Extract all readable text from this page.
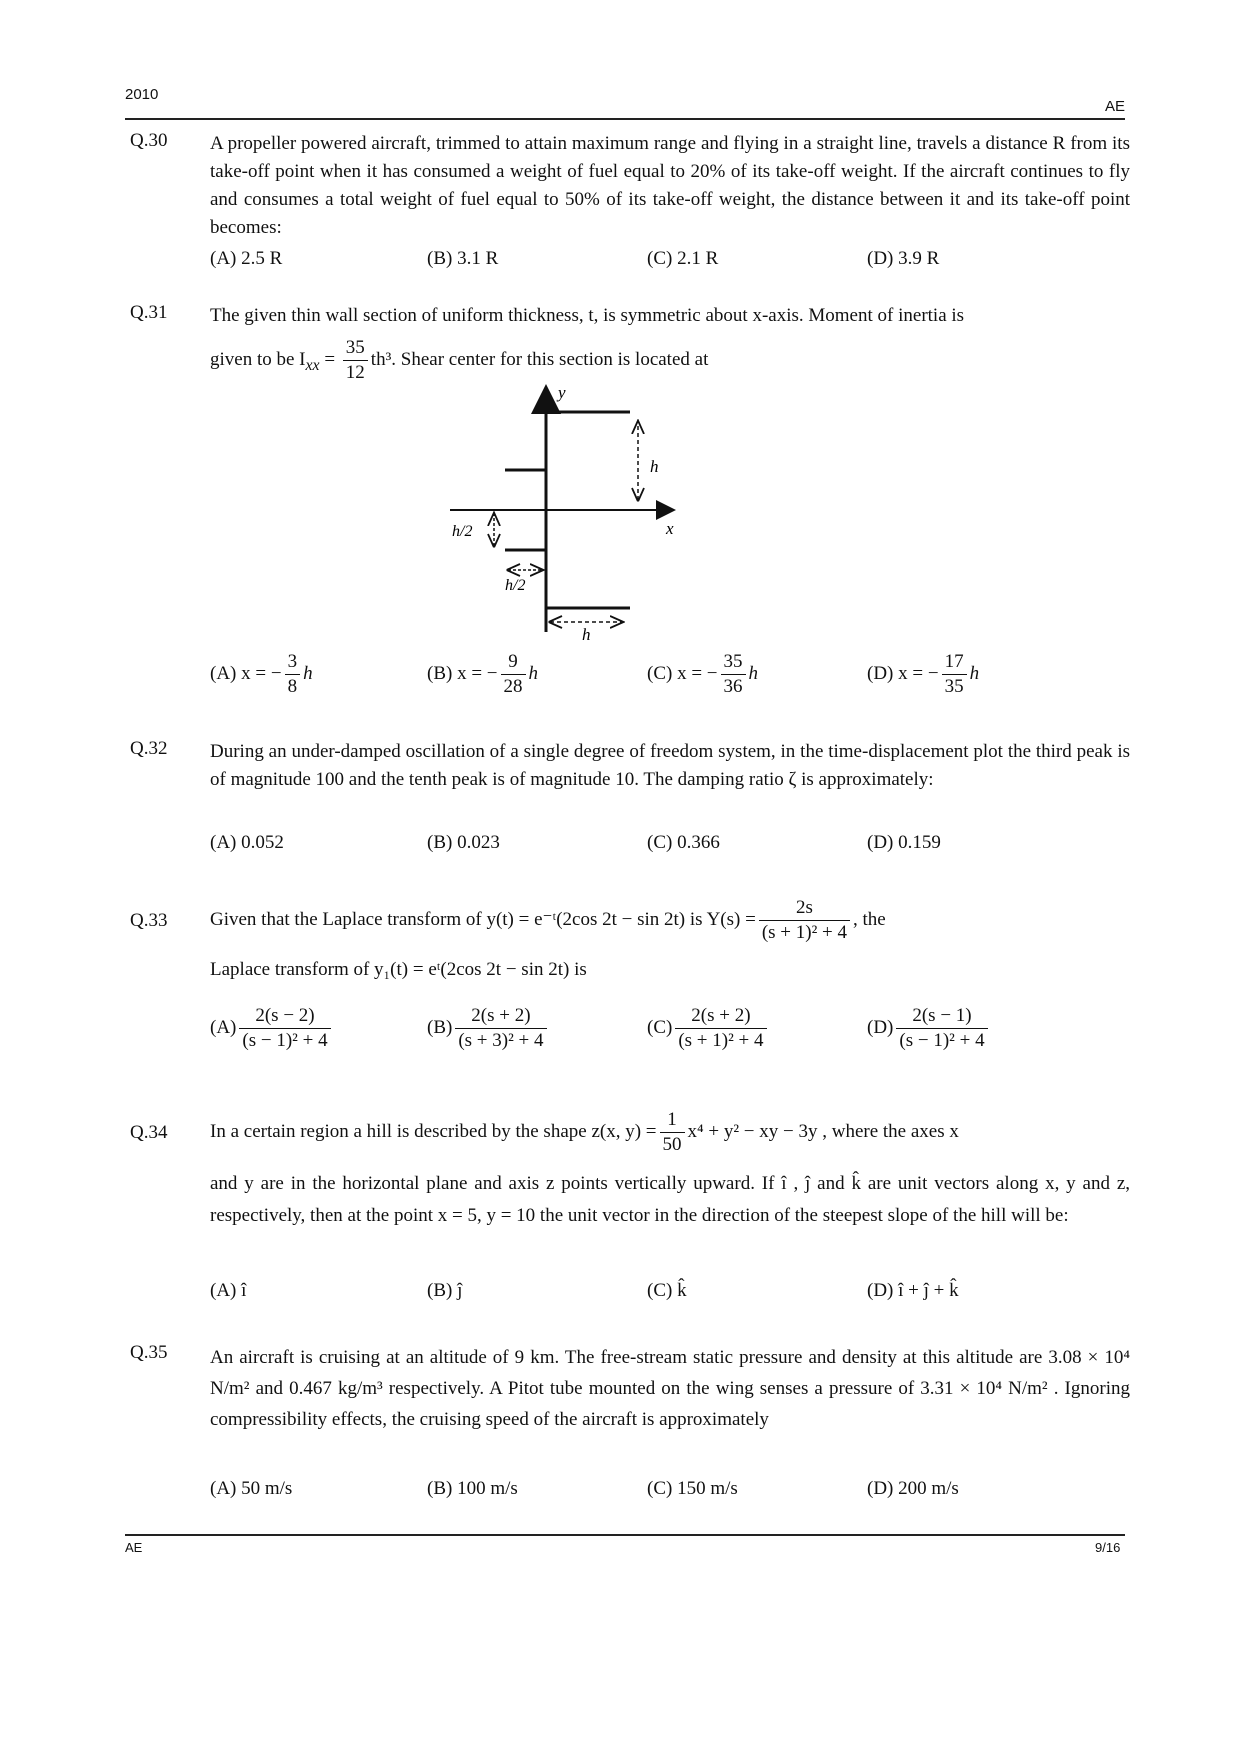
2010
AE
Q.30	A propeller powered aircraft, trimmed to attain maximum range and flying in a straight line, travels a distance R from its take-off point when it has consumed a weight of fuel equal to 20% of its take-off weight. If the aircraft continues to fly and consumes a total weight of fuel equal to 50% of its take-off weight, the distance between it and its take-off point becomes:
(A) 2.5 R	(B) 3.1 R	(C) 2.1 R	(D) 3.9 R
Q.31	The given thin wall section of uniform thickness, t, is symmetric about x-axis. Moment of inertia is
given to be $I_{xx} = \frac{35}{12} th^3$. Shear center for this section is located at
y
x
h
h/2
h/2
h
(A) x = − $\frac{3}{8}$ h	(B) x = − $\frac{9}{28}$ h	(C) x = − $\frac{35}{36}$ h	(D) x = − $\frac{17}{35}$ h
Q.32	During an under-damped oscillation of a single degree of freedom system, in the time-displacement plot the third peak is of magnitude 100 and the tenth peak is of magnitude 10. The damping ratio ζ is approximately:
(A) 0.052	(B) 0.023	(C) 0.366	(D) 0.159
Q.33	Given that the Laplace transform of y(t) = e⁻ᵗ(2cos 2t − sin 2t) is $Y(s) = \frac{2s}{\text{(s + 1)² + 4}}$ , the
Laplace transform of y₁(t) = eᵗ(2cos 2t − sin 2t) is
$(A) \frac{2(s - 2)}{\text{(s − 1)² + 4}}$	$(B) \frac{2(s + 2)}{\text{(s + 3)² + 4}}$	$(C) \frac{2(s + 2)}{\text{(s + 1)² + 4}}$	$(D) \frac{2(s - 1)}{\text{(s − 1)² + 4}}$
Q.34	In a certain region a hill is described by the shape z(x, $y) = \frac{1}{50} x^4 + y^2$ − xy − 3y , where the axes x
and y are in the horizontal plane and axis z points vertically upward. If î , ĵ and k̂ are unit vectors along x, y and z, respectively, then at the point x = 5, y = 10 the unit vector in the direction of the steepest slope of the hill will be:
(A) î	(B) ĵ	(C) k̂	(D) î + ĵ + k̂
Q.35	An aircraft is cruising at an altitude of 9 km. The free-stream static pressure and density at this altitude are 3.08 × 10⁴ N/m² and 0.467 kg/m³ respectively. A Pitot tube mounted on the wing senses a pressure of 3.31 × 10⁴ N/m² . Ignoring compressibility effects, the cruising speed of the aircraft is approximately
(A) 50 m/s	(B) 100 m/s	(C) 150 m/s	(D) 200 m/s
AE	9/16
